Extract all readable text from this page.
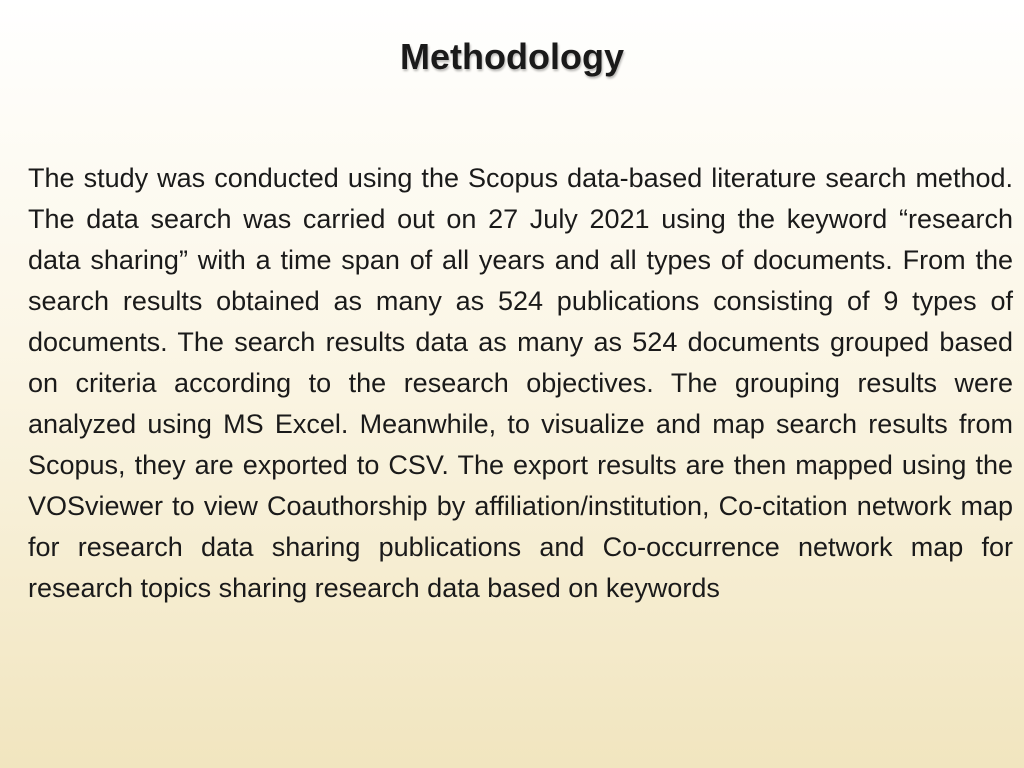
Methodology

The study was conducted using the Scopus data-based literature search method. The data search was carried out on 27 July 2021 using the keyword “research data sharing” with a time span of all years and all types of documents. From the search results obtained as many as 524 publications consisting of 9 types of documents. The search results data as many as 524 documents grouped based on criteria according to the research objectives. The grouping results were analyzed using MS Excel. Meanwhile, to visualize and map search results from Scopus, they are exported to CSV. The export results are then mapped using the VOSviewer to view Coauthorship by affiliation/institution, Co-citation network map for research data sharing publications and Co-occurrence network map for research topics sharing research data based on keywords
